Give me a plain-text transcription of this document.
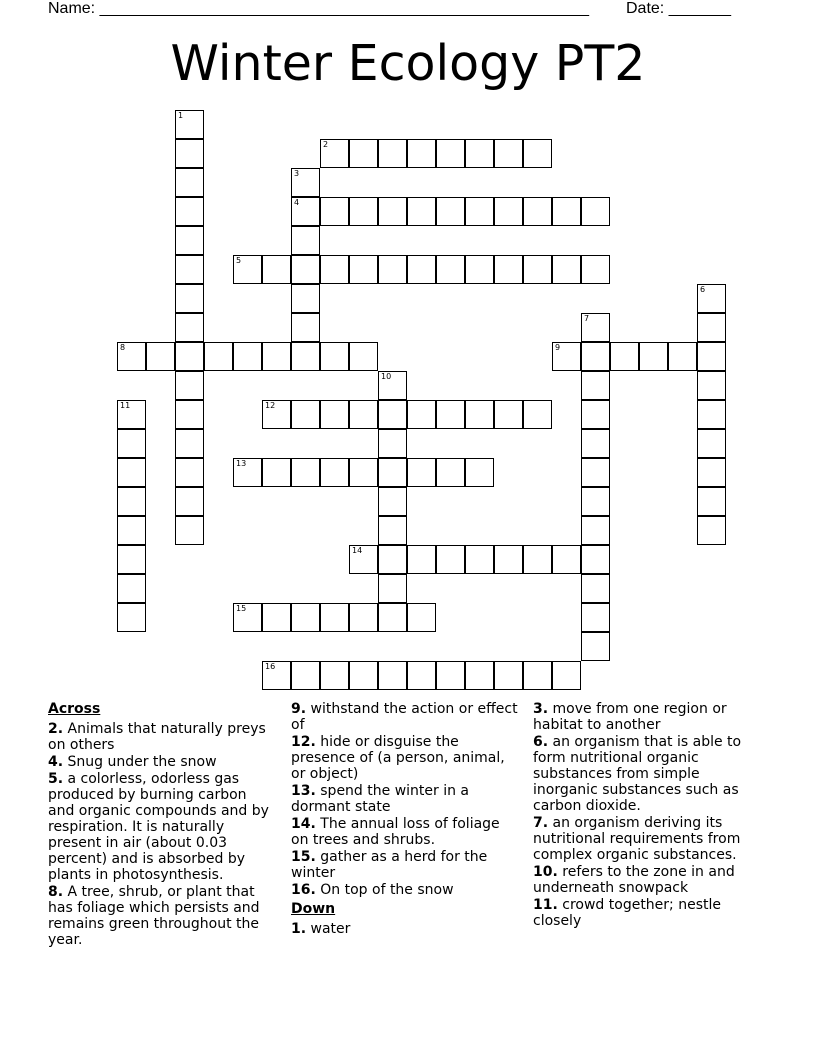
Name: _______________________________________________________ Date: _______
Winter Ecology PT2
1
2
3
4
5
6
7
8	9
10
11	12
13
14
15
16
Across
2. Animals that naturally preys on others
4. Snug under the snow
5. a colorless, odorless gas produced by burning carbon and organic compounds and by respiration. It is naturally present in air (about 0.03 percent) and is absorbed by plants in photosynthesis.
8. A tree, shrub, or plant that has foliage which persists and remains green throughout the year.
9. withstand the action or effect of
12. hide or disguise the presence of (a person, animal, or object)
13. spend the winter in a dormant state
14. The annual loss of foliage on trees and shrubs.
15. gather as a herd for the winter
16. On top of the snow
Down
1. water
3. move from one region or habitat to another
6. an organism that is able to form nutritional organic substances from simple inorganic substances such as carbon dioxide.
7. an organism deriving its nutritional requirements from complex organic substances.
10. refers to the zone in and underneath snowpack
11. crowd together; nestle closely
